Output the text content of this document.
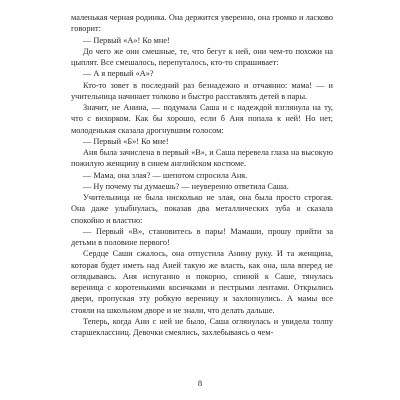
маленькая черная родинка. Она держится уверенно, она громко и ласково говорит:

— Первый «А»! Ко мне!

До чего же они смешные, те, что бегут к ней, они чем-то похожи на цыплят. Все смешалось, перепуталось, кто-то спрашивает:

— А я первый «А»?

Кто-то зовет в последний раз безнадежно и отчаянно: мама! — и учительница начинает толково и быстро расставлять детей в пары.

Значит, не Анина, — подумала Саша и с надеждой взглянула на ту, что с вихорком. Как бы хорошо, если б Аня попала к ней! Но нет, молоденькая сказала дрогнувшим голосом:

— Первый «Б»! Ко мне!

Аня была зачислена в первый «В», и Саша перевела глаза на высокую пожилую женщину в синем английском костюме.

— Мама, она злая? — шепотом спросила Аня.

— Ну почему ты думаешь? — неуверенно ответила Саша.

Учительница не была нисколько не злая, она была просто строгая. Она даже улыбнулась, показав два металлических зуба и сказала спокойно и властно:

— Первый «В», становитесь в пары! Мамаши, прошу прийти за детьми в половине первого!

Сердце Саши сжалось, она отпустила Анину руку. И та женщина, которая будет иметь над Аней такую же власть, как она, шла вперед не оглядываясь. Аня испуганно и покорно, спиной к Саше, тянулась вереница с коротенькими косичками и пестрыми лентами. Открылись двери, пропуская эту робкую вереницу и захлопнулись. А мамы все стояли на школьном дворе и не знали, что делать дальше.

Теперь, когда Ани с ней не было, Саша оглянулась и увидела толпу старшеклассниц. Девочки смеялись, захлебываясь о чем-

8
